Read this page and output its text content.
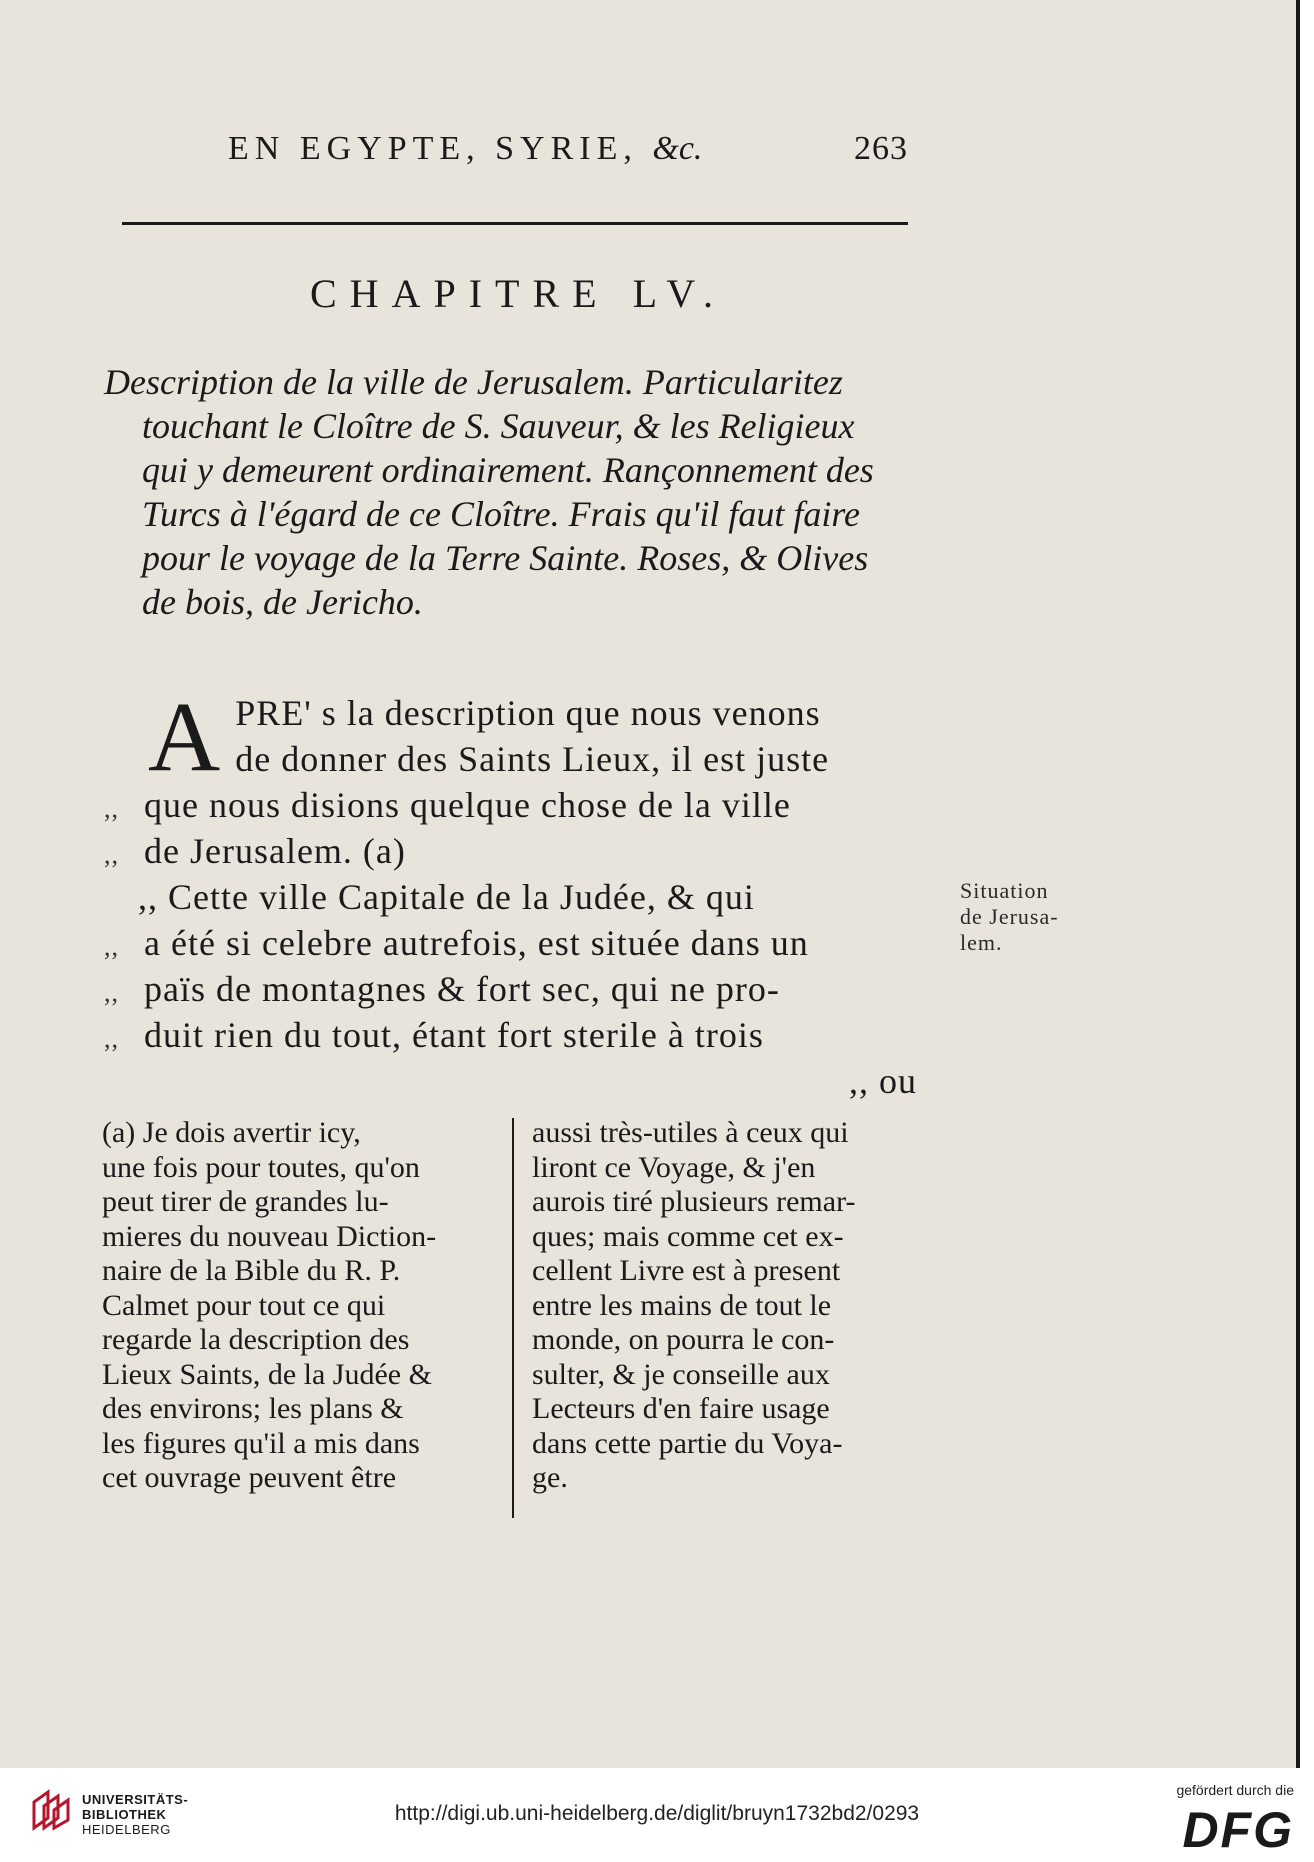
EN EGYPTE, SYRIE, &c.	263
CHAPITRE LV.
Description de la ville de Jerusalem. Particularitez
touchant le Cloître de S. Sauveur, & les Religieux
qui y demeurent ordinairement. Rançonnement des
Turcs à l'égard de ce Cloître. Frais qu'il faut faire
pour le voyage de la Terre Sainte. Roses, & Olives
de bois, de Jericho.
A PRE' s la description que nous venons
de donner des Saints Lieux, il est juste
,, que nous disions quelque chose de la ville
,, de Jerusalem. (a)
,, Cette ville Capitale de la Judée, & qui
,, a été si celebre autrefois, est située dans un
,, païs de montagnes & fort sec, qui ne pro-
,, duit rien du tout, étant fort sterile à trois
,, ou
Situation
de Jerusa-
lem.
(a) Je dois avertir icy,
une fois pour toutes, qu'on
peut tirer de grandes lu-
mieres du nouveau Diction-
naire de la Bible du R. P.
Calmet pour tout ce qui
regarde la description des
Lieux Saints, de la Judée &
des environs; les plans &
les figures qu'il a mis dans
cet ouvrage peuvent être
aussi très-utiles à ceux qui
liront ce Voyage, & j'en
aurois tiré plusieurs remar-
ques; mais comme cet ex-
cellent Livre est à present
entre les mains de tout le
monde, on pourra le con-
sulter, & je conseille aux
Lecteurs d'en faire usage
dans cette partie du Voya-
ge.
UNIVERSITÄTS-
BIBLIOTHEK
HEIDELBERG
http://digi.ub.uni-heidelberg.de/diglit/bruyn1732bd2/0293
gefördert durch die
DFG
